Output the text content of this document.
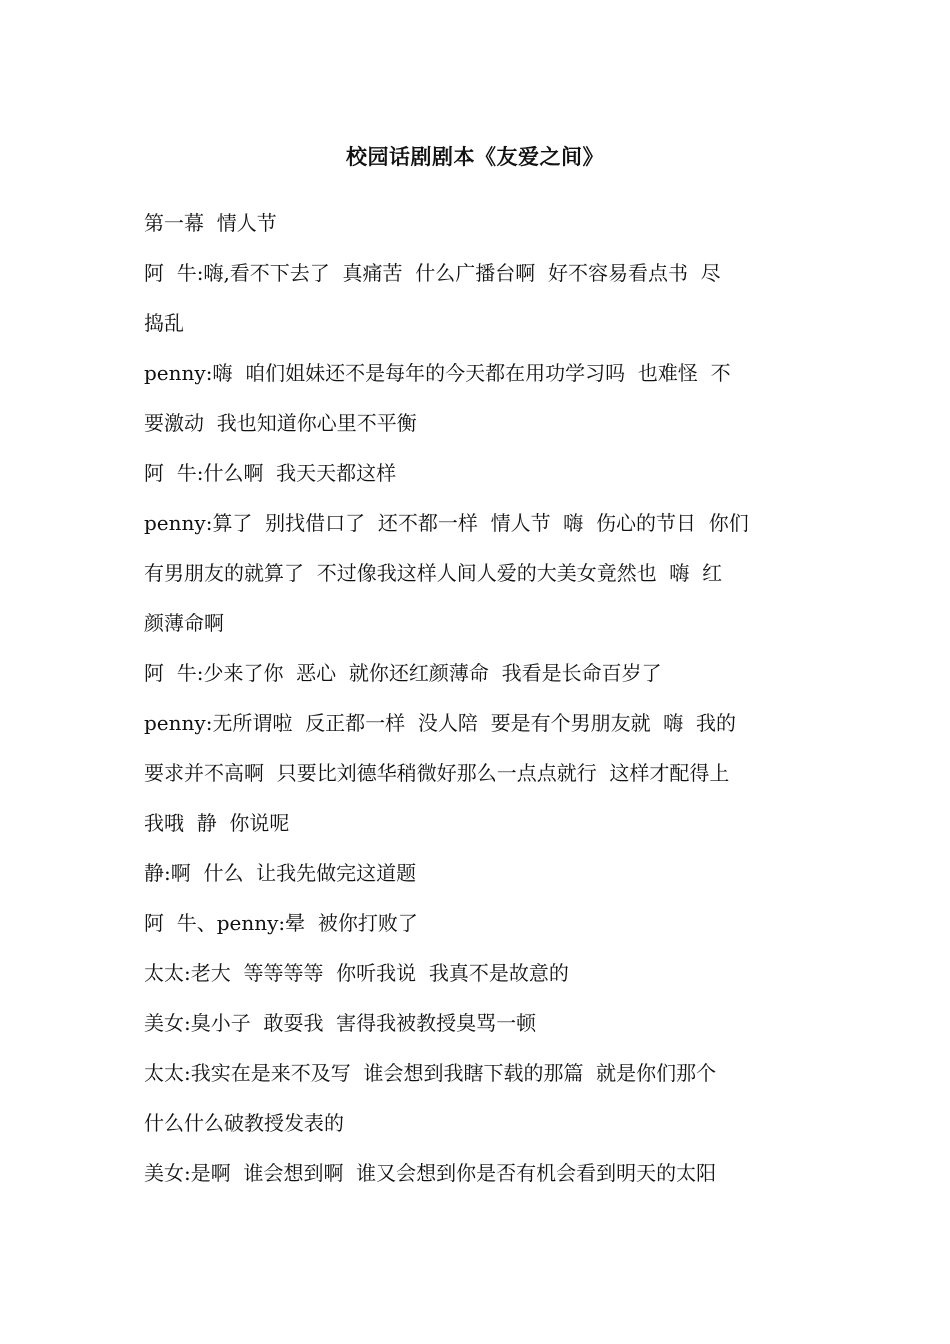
校园话剧剧本《友爱之间》
第一幕  情人节
阿  牛:嗨,看不下去了  真痛苦  什么广播台啊  好不容易看点书  尽
捣乱
penny:嗨  咱们姐妹还不是每年的今天都在用功学习吗  也难怪  不
要激动  我也知道你心里不平衡
阿  牛:什么啊  我天天都这样
penny:算了  别找借口了  还不都一样  情人节  嗨  伤心的节日  你们
有男朋友的就算了  不过像我这样人间人爱的大美女竟然也  嗨  红
颜薄命啊
阿  牛:少来了你  恶心  就你还红颜薄命  我看是长命百岁了
penny:无所谓啦  反正都一样  没人陪  要是有个男朋友就  嗨  我的
要求并不高啊  只要比刘德华稍微好那么一点点就行  这样才配得上
我哦  静  你说呢
静:啊  什么  让我先做完这道题
阿  牛、penny:晕  被你打败了
太太:老大  等等等等  你听我说  我真不是故意的
美女:臭小子  敢耍我  害得我被教授臭骂一顿
太太:我实在是来不及写  谁会想到我瞎下载的那篇  就是你们那个
什么什么破教授发表的
美女:是啊  谁会想到啊  谁又会想到你是否有机会看到明天的太阳
